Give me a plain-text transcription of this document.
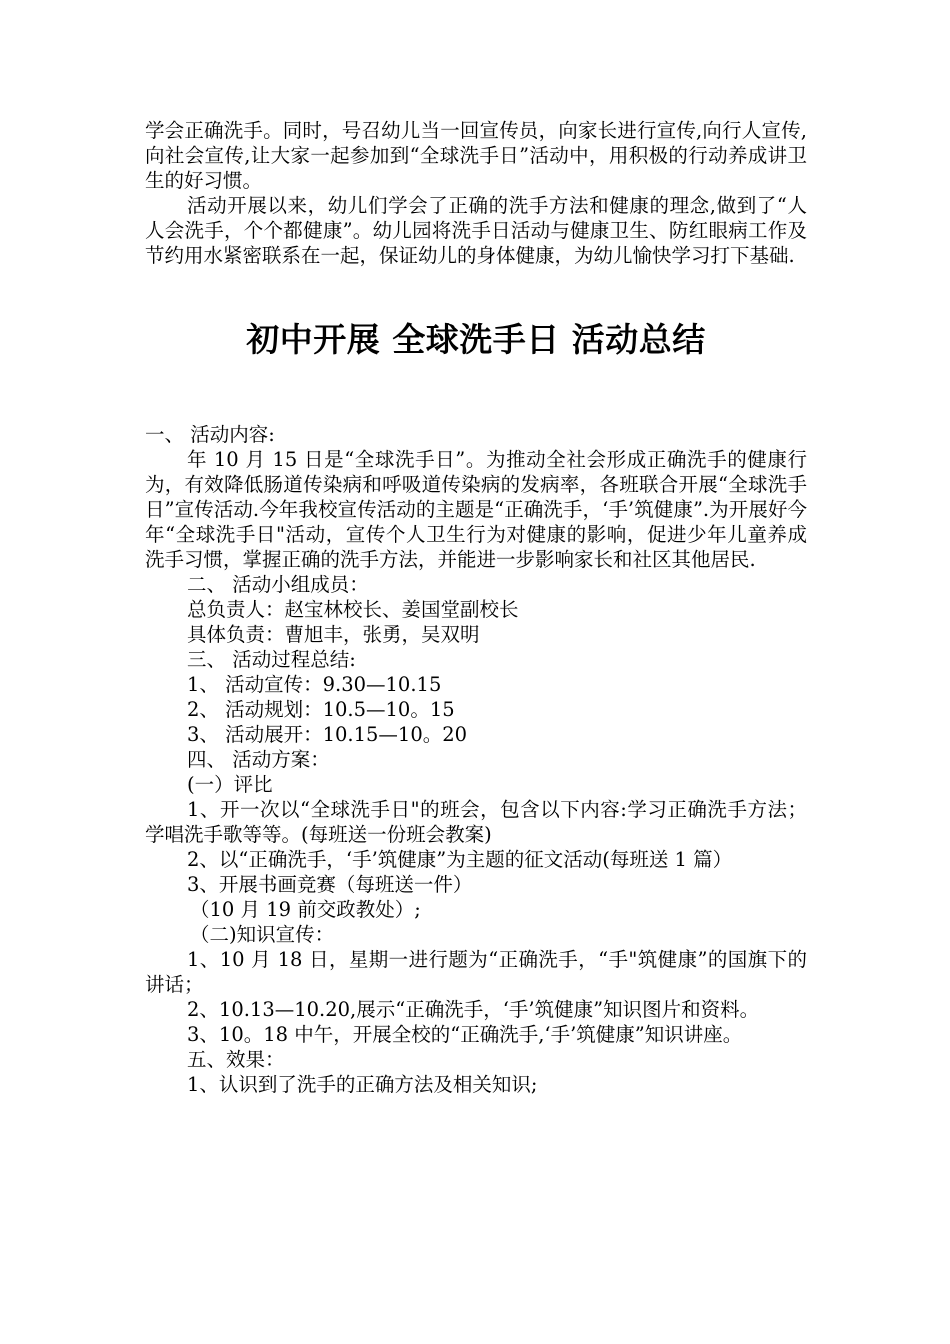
学会正确洗手。同时，号召幼儿当一回宣传员，向家长进行宣传,向行人宣传,向社会宣传,让大家一起参加到“全球洗手日”活动中，用积极的行动养成讲卫生的好习惯。

活动开展以来，幼儿们学会了正确的洗手方法和健康的理念,做到了“人人会洗手，个个都健康”。幼儿园将洗手日活动与健康卫生、防红眼病工作及节约用水紧密联系在一起，保证幼儿的身体健康，为幼儿愉快学习打下基础.

初中开展 全球洗手日 活动总结

一、 活动内容:

年 10 月 15 日是“全球洗手日”。为推动全社会形成正确洗手的健康行为，有效降低肠道传染病和呼吸道传染病的发病率，各班联合开展“全球洗手日”宣传活动.今年我校宣传活动的主题是“正确洗手，‘手’筑健康”.为开展好今年“全球洗手日"活动，宣传个人卫生行为对健康的影响，促进少年儿童养成洗手习惯，掌握正确的洗手方法，并能进一步影响家长和社区其他居民.

二、 活动小组成员：

总负责人：赵宝林校长、姜国堂副校长

具体负责：曹旭丰，张勇，吴双明

三、 活动过程总结:

1、 活动宣传：9.30—10.15

2、 活动规划：10.5—10。15

3、 活动展开：10.15—10。20

四、 活动方案：

(一）评比

1、开一次以“全球洗手日"的班会，包含以下内容:学习正确洗手方法；学唱洗手歌等等。(每班送一份班会教案)

2、以“正确洗手，‘手’筑健康”为主题的征文活动(每班送 1 篇）

3、开展书画竞赛（每班送一件）

（10 月 19 前交政教处）;

（二)知识宣传：

1、10 月 18 日，星期一进行题为“正确洗手，“手"筑健康”的国旗下的讲话；

2、10.13—10.20,展示“正确洗手，‘手’筑健康”知识图片和资料。

3、10。18 中午，开展全校的“正确洗手,‘手’筑健康”知识讲座。

五、效果：

1、认识到了洗手的正确方法及相关知识;
